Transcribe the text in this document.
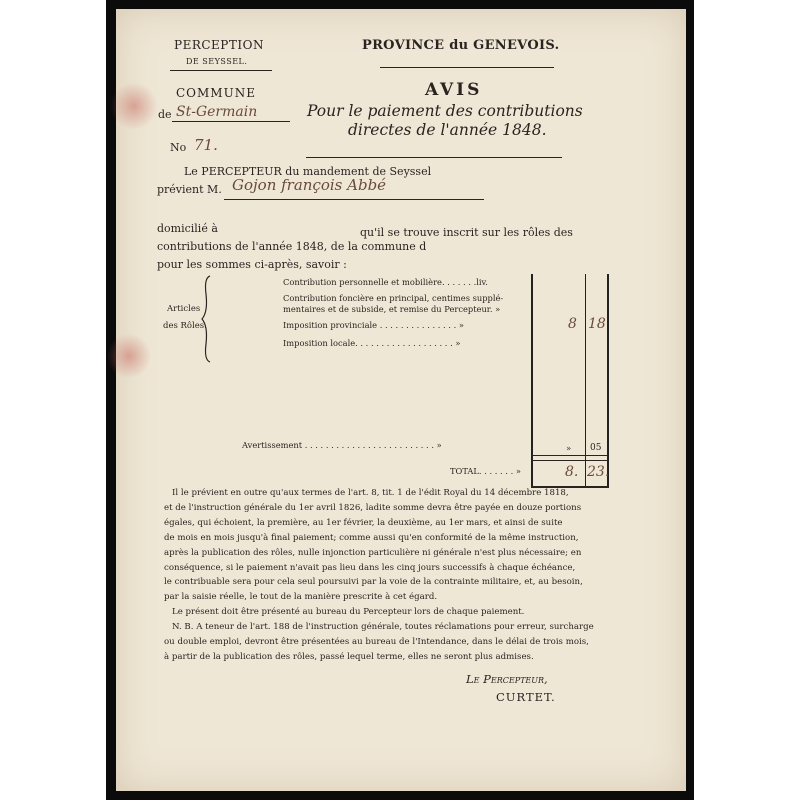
PERCEPTION
DE SEYSSEL.
PROVINCE du GENEVOIS.
COMMUNE
de St-Germain
No 71.
AVIS
Pour le paiement des contributions
directes de l'année 1848.
Le PERCEPTEUR du mandement de Seyssel
prévient M. Gojon françois Abbé
domicilié à	qu'il se trouve inscrit sur les rôles des
contributions de l'année 1848, de la commune d
pour les sommes ci-après, savoir :
Articles
des Rôles.
Contribution personnelle et mobilière. . . . . . .liv.
Contribution foncière en principal, centimes supplé-
mentaires et de subside, et remise du Percepteur. »
Imposition provinciale . . . . . . . . . . . . . . . »
Imposition locale. . . . . . . . . . . . . . . . . . . »
Avertissement . . . . . . . . . . . . . . . . . . . . . . . . . »
TOTAL. . . . . . . »
8 18
» 05
8. 23.
Il le prévient en outre qu'aux termes de l'art. 8, tit. 1 de l'édit Royal du 14 décembre 1818,
et de l'instruction générale du 1er avril 1826, ladite somme devra être payée en douze portions
égales, qui échoient, la première, au 1er février, la deuxième, au 1er mars, et ainsi de suite
de mois en mois jusqu'à final paiement; comme aussi qu'en conformité de la même instruction,
après la publication des rôles, nulle injonction particulière ni générale n'est plus nécessaire; en
conséquence, si le paiement n'avait pas lieu dans les cinq jours successifs à chaque échéance,
le contribuable sera pour cela seul poursuivi par la voie de la contrainte militaire, et, au besoin,
par la saisie réelle, le tout de la manière prescrite à cet égard.
Le présent doit être présenté au bureau du Percepteur lors de chaque paiement.
N. B. A teneur de l'art. 188 de l'instruction générale, toutes réclamations pour erreur, surcharge
ou double emploi, devront être présentées au bureau de l'Intendance, dans le délai de trois mois,
à partir de la publication des rôles, passé lequel terme, elles ne seront plus admises.
Le Percepteur,
CURTET.
